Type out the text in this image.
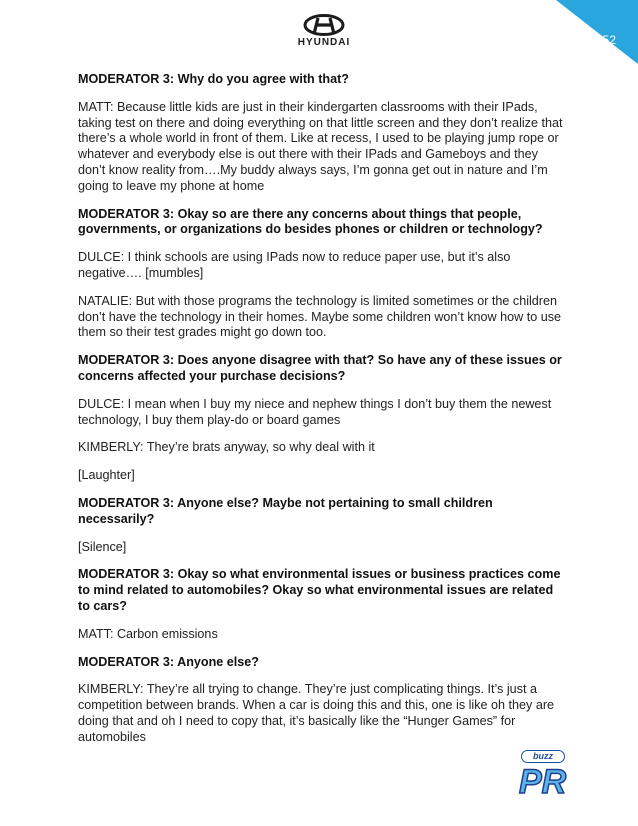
52
HYUNDAI

MODERATOR 3: Why do you agree with that?

MATT: Because little kids are just in their kindergarten classrooms with their IPads, taking test on there and doing everything on that little screen and they don’t realize that there’s a whole world in front of them. Like at recess, I used to be playing jump rope or whatever and everybody else is out there with their IPads and Gameboys and they don’t know reality from….My buddy always says, I’m gonna get out in nature and I’m going to leave my phone at home

MODERATOR 3: Okay so are there any concerns about things that people, governments, or organizations do besides phones or children or technology?

DULCE: I think schools are using IPads now to reduce paper use, but it’s also negative…. [mumbles]

NATALIE: But with those programs the technology is limited sometimes or the children don’t have the technology in their homes. Maybe some children won’t know how to use them so their test grades might go down too.

MODERATOR 3: Does anyone disagree with that? So have any of these issues or concerns affected your purchase decisions?

DULCE: I mean when I buy my niece and nephew things I don’t buy them the newest technology, I buy them play-do or board games

KIMBERLY: They’re brats anyway, so why deal with it

[Laughter]

MODERATOR 3: Anyone else? Maybe not pertaining to small children necessarily?

[Silence]

MODERATOR 3: Okay so what environmental issues or business practices come to mind related to automobiles? Okay so what environmental issues are related to cars?

MATT: Carbon emissions

MODERATOR 3: Anyone else?

KIMBERLY: They’re all trying to change. They’re just complicating things. It’s just a competition between brands. When a car is doing this and this, one is like oh they are doing that and oh I need to copy that, it’s basically like the “Hunger Games” for automobiles

buzz
PR
